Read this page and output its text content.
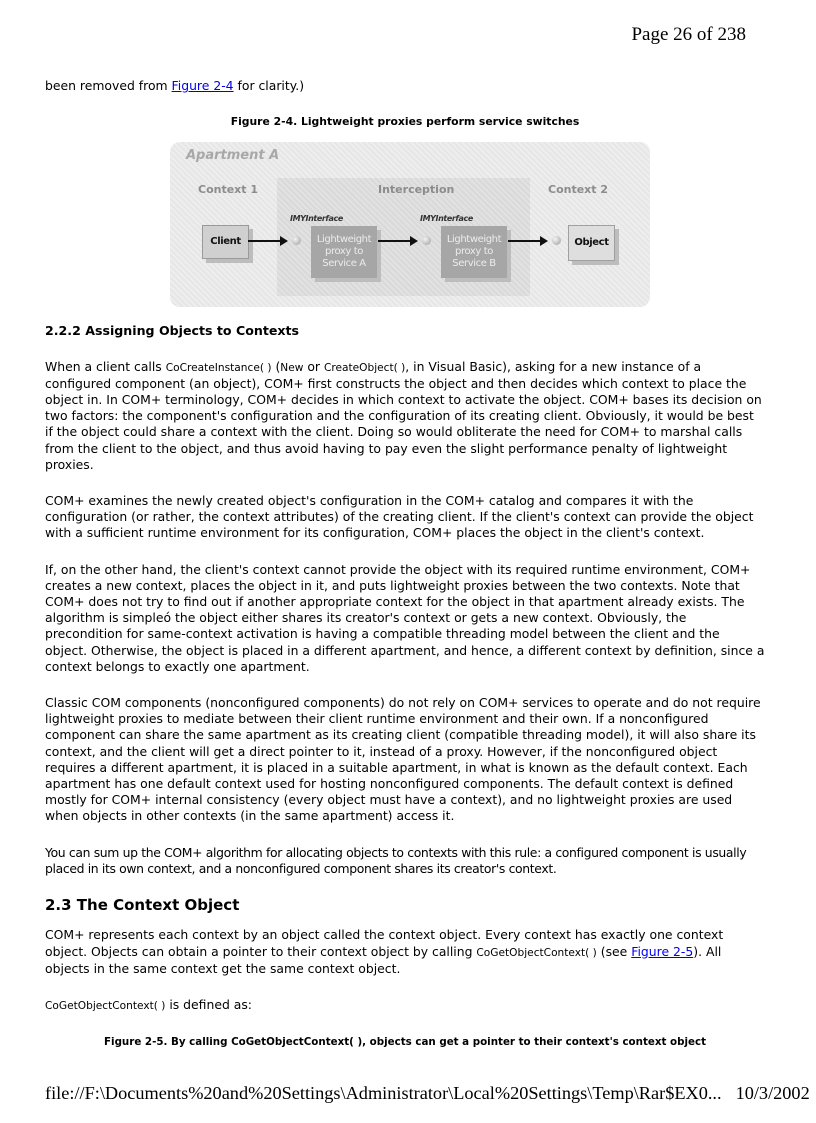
Page 26 of 238

been removed from Figure 2-4 for clarity.)

Figure 2-4. Lightweight proxies perform service switches
Apartment A
Context 1	Interception	Context 2
IMYInterface	IMYInterface
Client	Lightweight
proxy to
Service A
Lightweight
proxy to
Service B
Object
2.2.2 Assigning Objects to Contexts

When a client calls CoCreateInstance( ) (New or CreateObject( ), in Visual Basic), asking for a new instance of a configured component (an object), COM+ first constructs the object and then decides which context to place the object in. In COM+ terminology, COM+ decides in which context to activate the object. COM+ bases its decision on two factors: the component's configuration and the configuration of its creating client. Obviously, it would be best if the object could share a context with the client. Doing so would obliterate the need for COM+ to marshal calls from the client to the object, and thus avoid having to pay even the slight performance penalty of lightweight proxies.

COM+ examines the newly created object's configuration in the COM+ catalog and compares it with the configuration (or rather, the context attributes) of the creating client. If the client's context can provide the object with a sufficient runtime environment for its configuration, COM+ places the object in the client's context.

If, on the other hand, the client's context cannot provide the object with its required runtime environment, COM+ creates a new context, places the object in it, and puts lightweight proxies between the two contexts. Note that COM+ does not try to find out if another appropriate context for the object in that apartment already exists. The algorithm is simpleó the object either shares its creator's context or gets a new context. Obviously, the precondition for same-context activation is having a compatible threading model between the client and the object. Otherwise, the object is placed in a different apartment, and hence, a different context by definition, since a context belongs to exactly one apartment.

Classic COM components (nonconfigured components) do not rely on COM+ services to operate and do not require lightweight proxies to mediate between their client runtime environment and their own. If a nonconfigured component can share the same apartment as its creating client (compatible threading model), it will also share its context, and the client will get a direct pointer to it, instead of a proxy. However, if the nonconfigured object requires a different apartment, it is placed in a suitable apartment, in what is known as the default context. Each apartment has one default context used for hosting nonconfigured components. The default context is defined mostly for COM+ internal consistency (every object must have a context), and no lightweight proxies are used when objects in other contexts (in the same apartment) access it.

You can sum up the COM+ algorithm for allocating objects to contexts with this rule: a configured component is usually placed in its own context, and a nonconfigured component shares its creator's context.

2.3 The Context Object

COM+ represents each context by an object called the context object. Every context has exactly one context object. Objects can obtain a pointer to their context object by calling CoGetObjectContext( ) (see Figure 2-5). All objects in the same context get the same context object.

CoGetObjectContext( ) is defined as:

Figure 2-5. By calling CoGetObjectContext( ), objects can get a pointer to their context's context object
file://F:\Documents%20and%20Settings\Administrator\Local%20Settings\Temp\Rar$EX0... 10/3/2002
